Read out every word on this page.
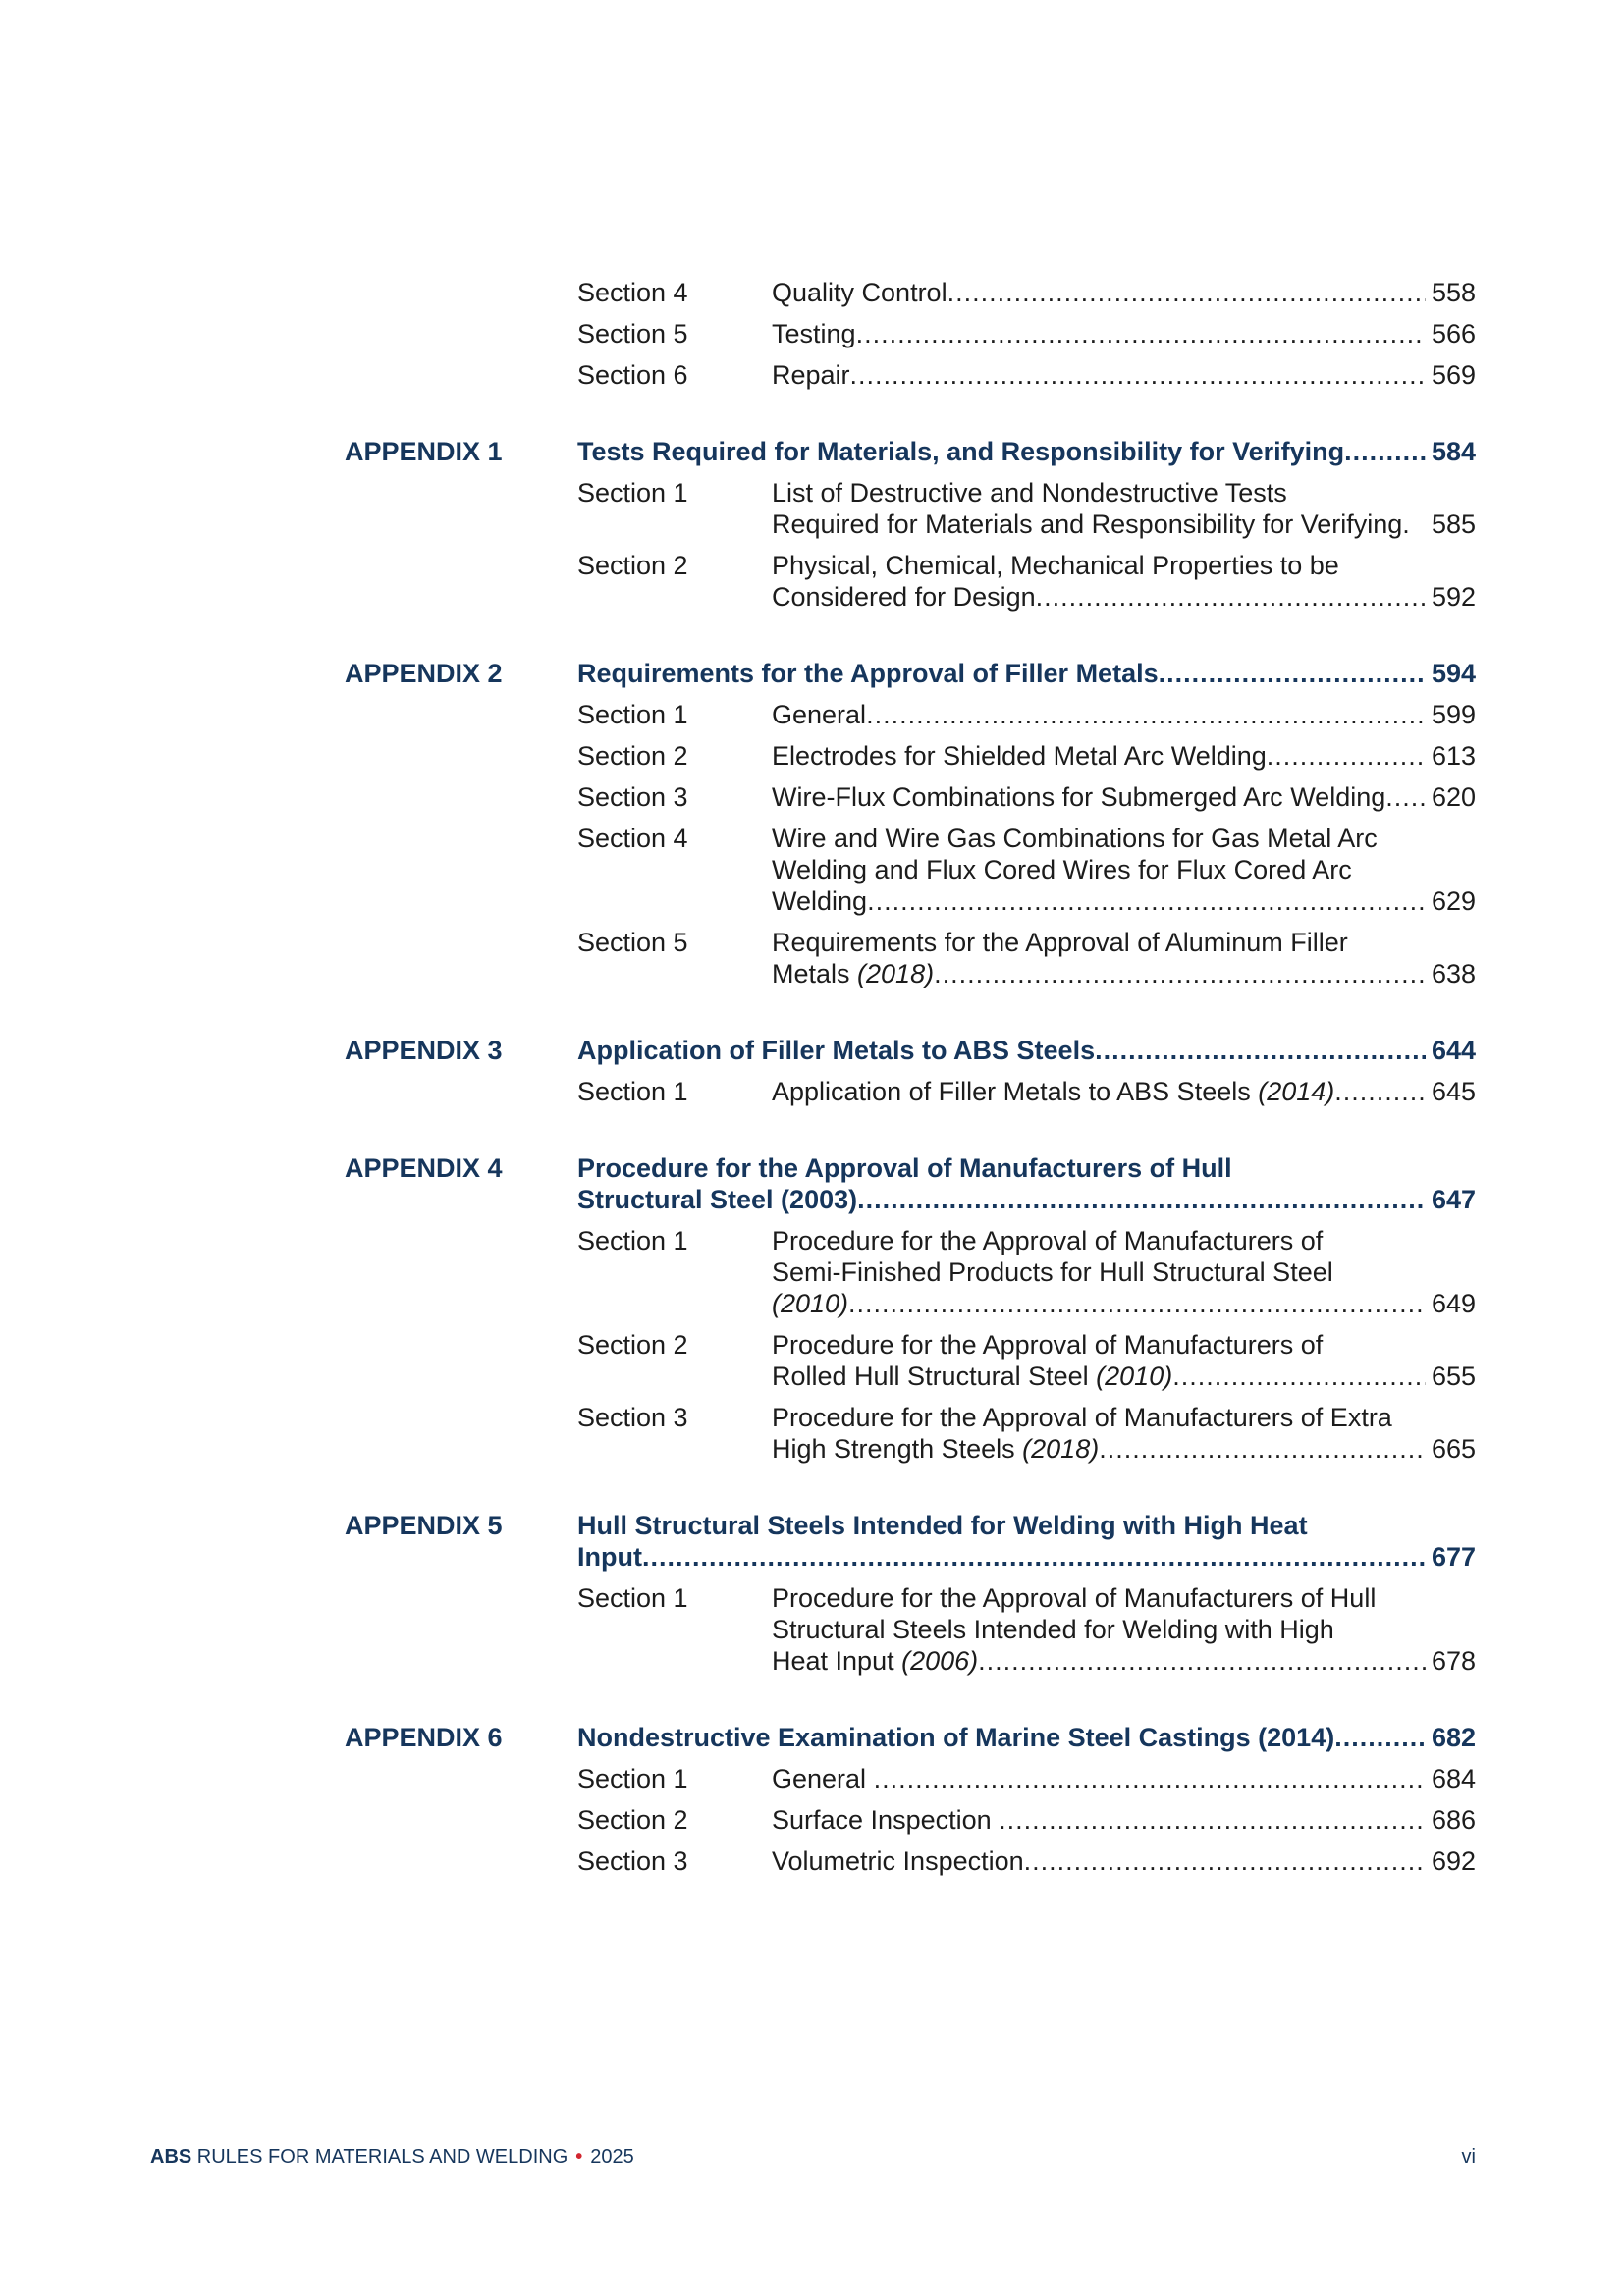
Section 4	Quality Control .....	558
Section 5	Testing .....	566
Section 6	Repair .....	569
APPENDIX 1	Tests Required for Materials, and Responsibility for Verifying .....	584
Section 1	List of Destructive and Nondestructive Tests
Required for Materials and Responsibility for Verifying. 585
Section 2	Physical, Chemical, Mechanical Properties to be
Considered for Design .....	592
APPENDIX 2	Requirements for the Approval of Filler Metals .....	594
Section 1	General .....	599
Section 2	Electrodes for Shielded Metal Arc Welding .....	613
Section 3	Wire-Flux Combinations for Submerged Arc Welding ..... 620
Section 4	Wire and Wire Gas Combinations for Gas Metal Arc
Welding and Flux Cored Wires for Flux Cored Arc
Welding .....	629
Section 5	Requirements for the Approval of Aluminum Filler
Metals (2018) .....	638
APPENDIX 3	Application of Filler Metals to ABS Steels .....	644
Section 1	Application of Filler Metals to ABS Steels (2014) .....	645
APPENDIX 4	Procedure for the Approval of Manufacturers of Hull
Structural Steel (2003) .....	647
Section 1	Procedure for the Approval of Manufacturers of
Semi-Finished Products for Hull Structural Steel
(2010) .....	649
Section 2	Procedure for the Approval of Manufacturers of
Rolled Hull Structural Steel (2010) .....	655
Section 3	Procedure for the Approval of Manufacturers of Extra
High Strength Steels (2018) .....	665
APPENDIX 5	Hull Structural Steels Intended for Welding with High Heat
Input .....	677
Section 1	Procedure for the Approval of Manufacturers of Hull
Structural Steels Intended for Welding with High
Heat Input (2006) .....	678
APPENDIX 6	Nondestructive Examination of Marine Steel Castings (2014) .....	682
Section 1	General .....	684
Section 2	Surface Inspection .....	686
Section 3	Volumetric Inspection .....	692
ABS RULES FOR MATERIALS AND WELDING • 2025	vi
